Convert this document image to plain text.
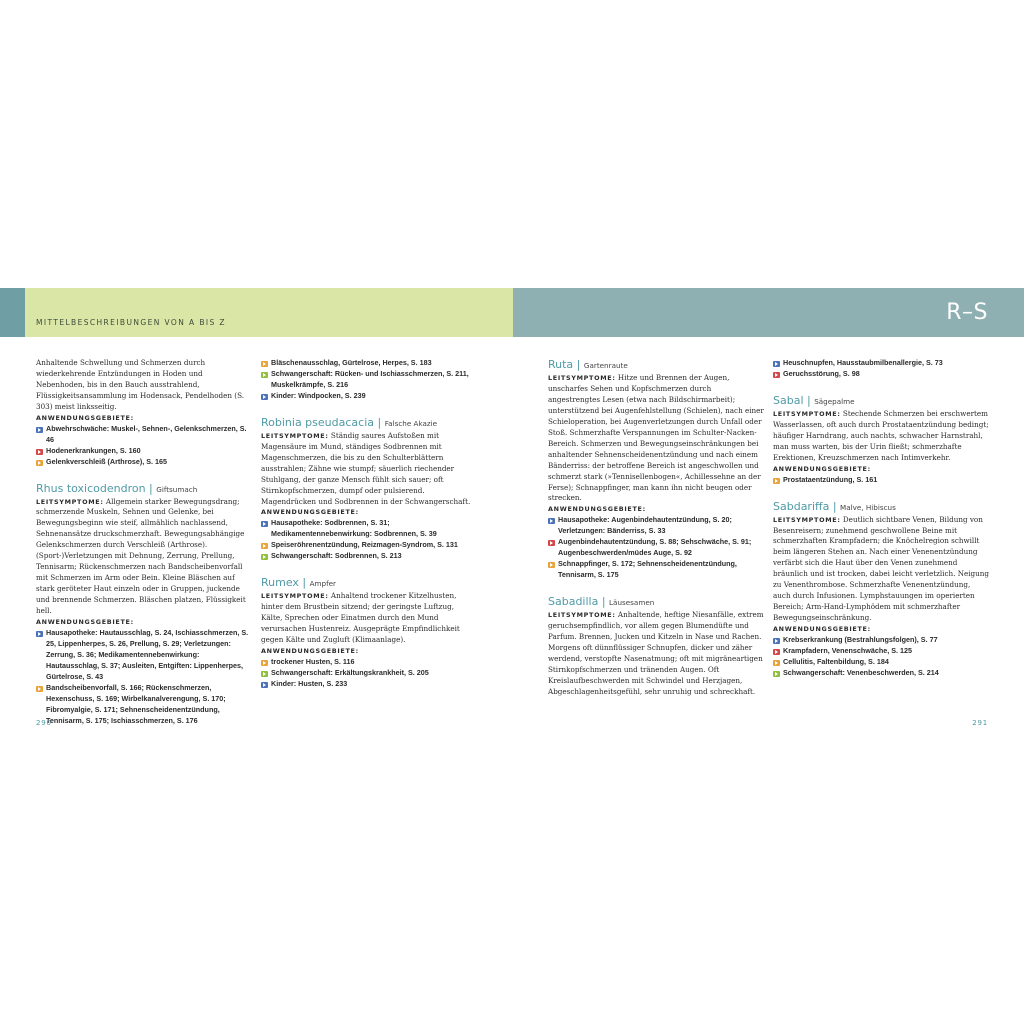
MITTELBESCHREIBUNGEN VON A BIS Z	R–S
Anhaltende Schwellung und Schmerzen durch wiederkehrende Entzündungen in Hoden und Nebenhoden, bis in den Bauch ausstrahlend, Flüssigkeitsansammlung im Hodensack, Pendelhoden (S. 303) meist linksseitig.
ANWENDUNGSGEBIETE:
Abwehrschwäche: Muskel-, Sehnen-, Gelenkschmerzen, S. 46
Hodenerkrankungen, S. 160
Gelenkverschleiß (Arthrose), S. 165
Rhus toxicodendron | Giftsumach
LEITSYMPTOME: Allgemein starker Bewegungsdrang; schmerzende Muskeln, Sehnen und Gelenke, bei Bewegungsbeginn wie steif, allmählich nachlassend, Sehnenansätze druckschmerzhaft. Bewegungsabhängige Gelenkschmerzen durch Verschleiß (Arthrose). (Sport-)Verletzungen mit Dehnung, Zerrung, Prellung, Tennisarm; Rückenschmerzen nach Bandscheibenvorfall mit Schmerzen im Arm oder Bein. Kleine Bläschen auf stark geröteter Haut einzeln oder in Gruppen, juckende und brennende Schmerzen. Bläschen platzen, Flüssigkeit hell.
ANWENDUNGSGEBIETE:
Hausapotheke: Hautausschlag, S. 24, Ischiasschmerzen, S. 25, Lippenherpes, S. 26, Prellung, S. 29; Verletzungen: Zerrung, S. 36; Medikamentennebenwirkung: Hautausschlag, S. 37; Ausleiten, Entgiften: Lippenherpes, Gürtelrose, S. 43
Bandscheibenvorfall, S. 166; Rückenschmerzen, Hexenschuss, S. 169; Wirbelkanalverengung, S. 170; Fibromyalgie, S. 171; Sehnenscheidenentzündung, Tennisarm, S. 175; Ischiasschmerzen, S. 176
Bläschenausschlag, Gürtelrose, Herpes, S. 183
Schwangerschaft: Rücken- und Ischiasschmerzen, S. 211, Muskelkrämpfe, S. 216
Kinder: Windpocken, S. 239
Robinia pseudacacia | Falsche Akazie
LEITSYMPTOME: Ständig saures Aufstoßen mit Magensäure im Mund, ständiges Sodbrennen mit Magenschmerzen, die bis zu den Schulterblättern ausstrahlen; Zähne wie stumpf; säuerlich riechender Stuhlgang, der ganze Mensch fühlt sich sauer; oft Stirnkopfschmerzen, dumpf oder pulsierend. Magendrücken und Sodbrennen in der Schwangerschaft.
ANWENDUNGSGEBIETE:
Hausapotheke: Sodbrennen, S. 31; Medikamentennebenwirkung: Sodbrennen, S. 39
Speiseröhrenentzündung, Reizmagen-Syndrom, S. 131
Schwangerschaft: Sodbrennen, S. 213
Rumex | Ampfer
LEITSYMPTOME: Anhaltend trockener Kitzelhusten, hinter dem Brustbein sitzend; der geringste Luftzug, Kälte, Sprechen oder Einatmen durch den Mund verursachen Hustenreiz. Ausgeprägte Empfindlichkeit gegen Kälte und Zugluft (Klimaanlage).
ANWENDUNGSGEBIETE:
trockener Husten, S. 116
Schwangerschaft: Erkältungskrankheit, S. 205
Kinder: Husten, S. 233
Ruta | Gartenraute
LEITSYMPTOME: Hitze und Brennen der Augen, unscharfes Sehen und Kopfschmerzen durch angestrengtes Lesen (etwa nach Bildschirmarbeit); unterstützend bei Augenfehlstellung (Schielen), nach einer Schieloperation, bei Augenverletzungen durch Unfall oder Stoß. Schmerzhafte Verspannungen im Schulter-Nacken-Bereich. Schmerzen und Bewegungseinschränkungen bei anhaltender Sehnenscheidenentzündung und nach einem Bänderriss: der betroffene Bereich ist angeschwollen und schmerzt stark (»Tennisellenbogen«, Achillessehne an der Ferse); Schnappfinger, man kann ihn nicht beugen oder strecken.
ANWENDUNGSGEBIETE:
Hausapotheke: Augenbindehautentzündung, S. 20; Verletzungen: Bänderriss, S. 33
Augenbindehautentzündung, S. 88; Sehschwäche, S. 91; Augenbeschwerden/müdes Auge, S. 92
Schnappfinger, S. 172; Sehnenscheidenentzündung, Tennisarm, S. 175
Sabadilla | Läusesamen
LEITSYMPTOME: Anhaltende, heftige Niesanfälle, extrem geruchsempfindlich, vor allem gegen Blumendüfte und Parfum. Brennen, Jucken und Kitzeln in Nase und Rachen. Morgens oft dünnflüssiger Schnupfen, dicker und zäher werdend, verstopfte Nasenatmung; oft mit migräneartigen Stirnkopfschmerzen und tränenden Augen. Oft Kreislaufbeschwerden mit Schwindel und Herzjagen, Abgeschlagenheitsgefühl, sehr unruhig und schreckhaft.
Heuschnupfen, Hausstaubmilbenallergie, S. 73
Geruchsstörung, S. 98
Sabal | Sägepalme
LEITSYMPTOME: Stechende Schmerzen bei erschwertem Wasserlassen, oft auch durch Prostataentzündung bedingt; häufiger Harndrang, auch nachts, schwacher Harnstrahl, man muss warten, bis der Urin fließt; schmerzhafte Erektionen, Kreuzschmerzen nach Intimverkehr.
ANWENDUNGSGEBIETE:
Prostataentzündung, S. 161
Sabdariffa | Malve, Hibiscus
LEITSYMPTOME: Deutlich sichtbare Venen, Bildung von Besenreisern; zunehmend geschwollene Beine mit schmerzhaften Krampfadern; die Knöchelregion schwillt beim längeren Stehen an. Nach einer Venenentzündung verfärbt sich die Haut über den Venen zunehmend bräunlich und ist trocken, dabei leicht verletzlich. Neigung zu Venenthrombose. Schmerzhafte Venenentzündung, auch durch Infusionen. Lymphstauungen im operierten Bereich; Arm-Hand-Lymphödem mit schmerzhafter Bewegungseinschränkung.
ANWENDUNGSGEBIETE:
Krebserkrankung (Bestrahlungsfolgen), S. 77
Krampfadern, Venenschwäche, S. 125
Cellulitis, Faltenbildung, S. 184
Schwangerschaft: Venenbeschwerden, S. 214
290	291
